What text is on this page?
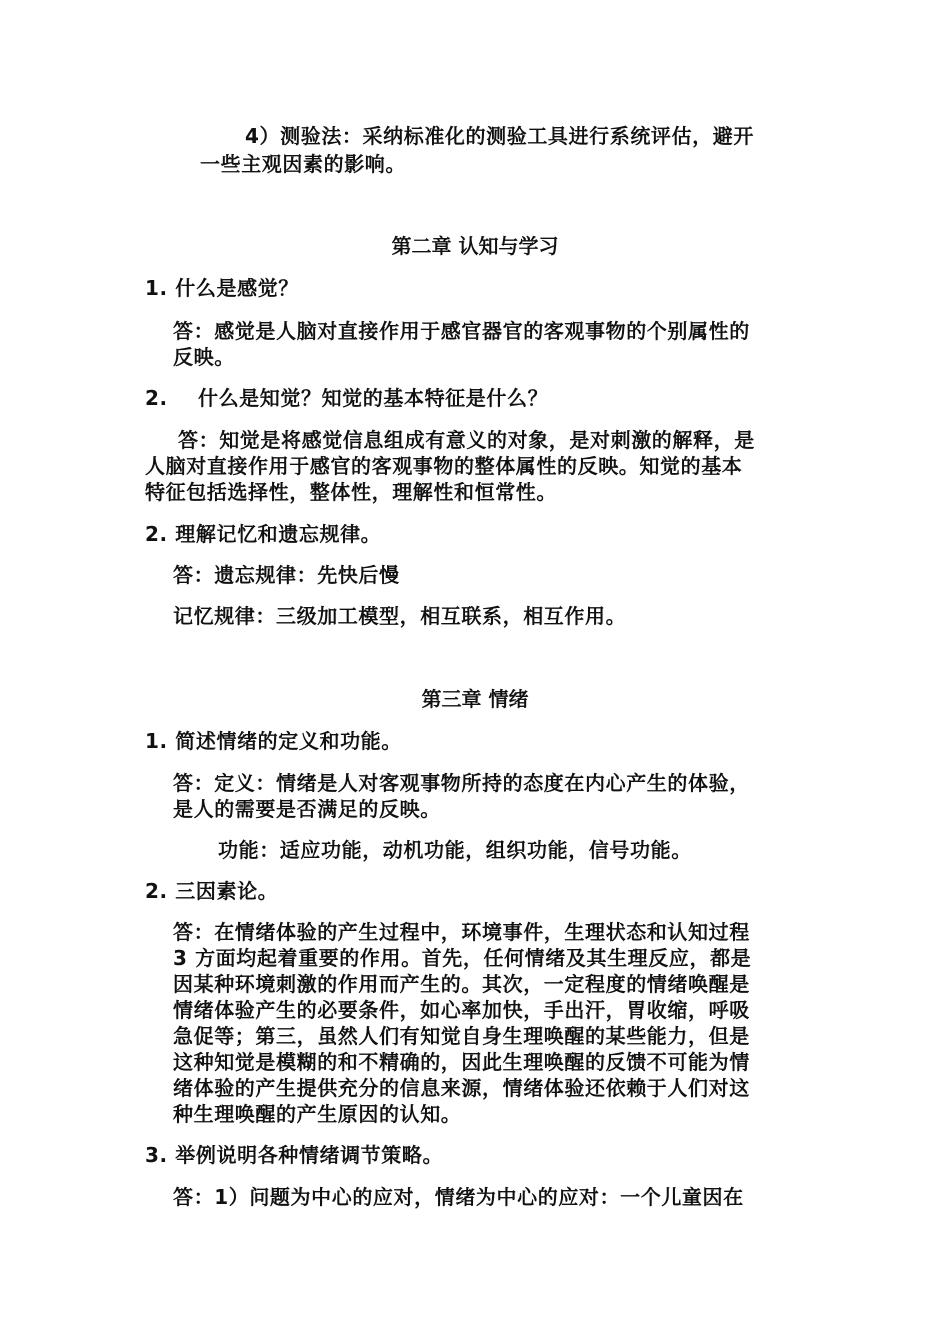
4）测验法：采纳标准化的测验工具进行系统评估，避开
一些主观因素的影响。
第二章 认知与学习
1. 什么是感觉？
答：感觉是人脑对直接作用于感官器官的客观事物的个别属性的
反映。
2.    什么是知觉？知觉的基本特征是什么？
答：知觉是将感觉信息组成有意义的对象，是对刺激的解释，是
人脑对直接作用于感官的客观事物的整体属性的反映。知觉的基本
特征包括选择性，整体性，理解性和恒常性。
2. 理解记忆和遗忘规律。
答：遗忘规律：先快后慢
记忆规律：三级加工模型，相互联系，相互作用。
第三章 情绪
1. 简述情绪的定义和功能。
答：定义：情绪是人对客观事物所持的态度在内心产生的体验，
是人的需要是否满足的反映。
功能：适应功能，动机功能，组织功能，信号功能。
2. 三因素论。
答：在情绪体验的产生过程中，环境事件，生理状态和认知过程
3 方面均起着重要的作用。首先，任何情绪及其生理反应，都是
因某种环境刺激的作用而产生的。其次，一定程度的情绪唤醒是
情绪体验产生的必要条件，如心率加快，手出汗，胃收缩，呼吸
急促等；第三，虽然人们有知觉自身生理唤醒的某些能力，但是
这种知觉是模糊的和不精确的，因此生理唤醒的反馈不可能为情
绪体验的产生提供充分的信息来源，情绪体验还依赖于人们对这
种生理唤醒的产生原因的认知。
3. 举例说明各种情绪调节策略。
答：1）问题为中心的应对，情绪为中心的应对：一个儿童因在
